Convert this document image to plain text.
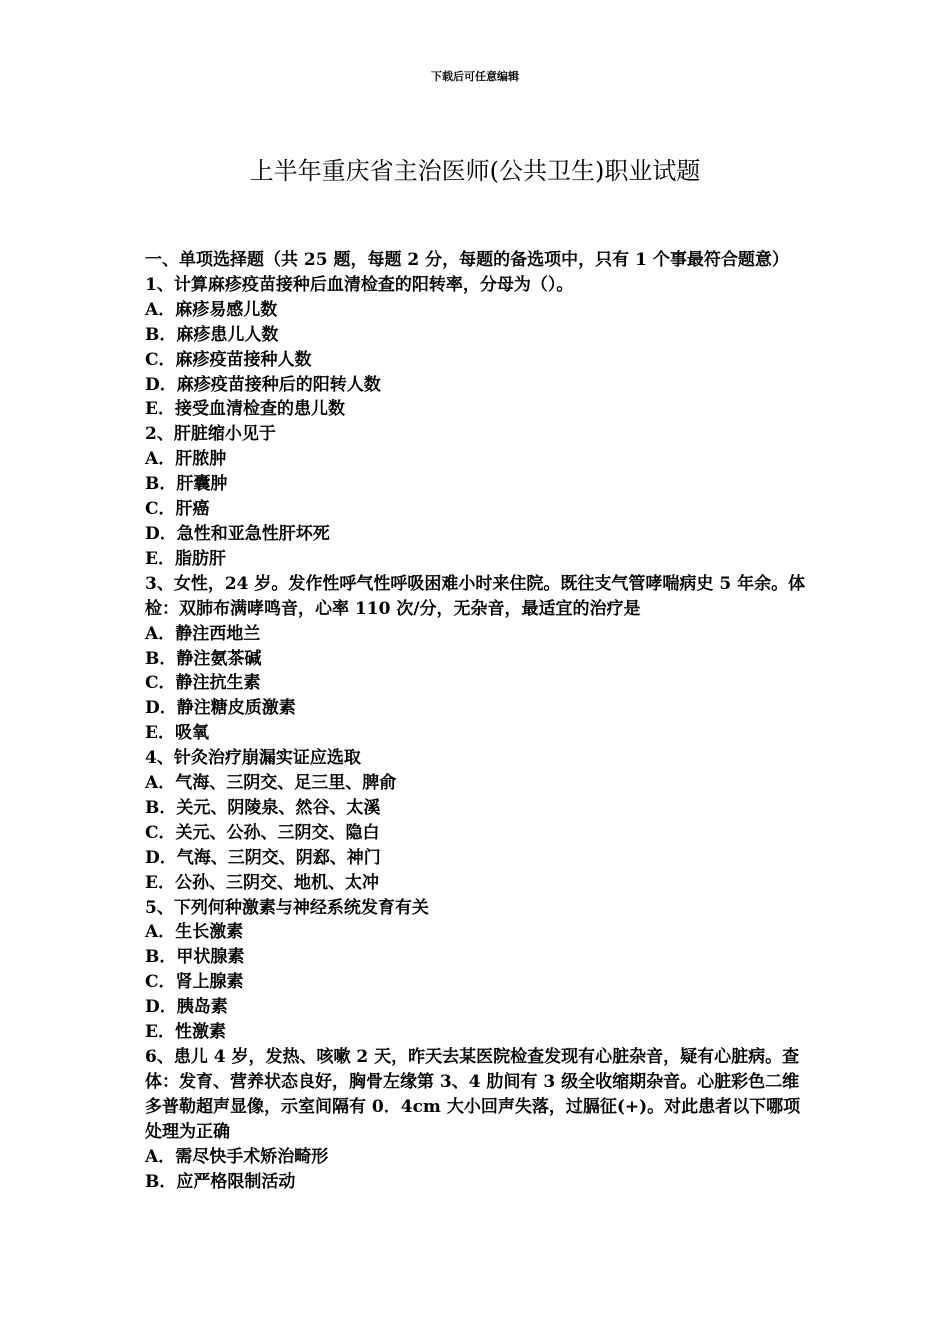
下载后可任意编辑
上半年重庆省主治医师(公共卫生)职业试题
一、单项选择题（共 25 题，每题 2 分，每题的备选项中，只有 1 个事最符合题意）
1、计算麻疹疫苗接种后血清检查的阳转率，分母为（）。
A．麻疹易感儿数
B．麻疹患儿人数
C．麻疹疫苗接种人数
D．麻疹疫苗接种后的阳转人数
E．接受血清检查的患儿数
2、肝脏缩小见于
A．肝脓肿
B．肝囊肿
C．肝癌
D．急性和亚急性肝坏死
E．脂肪肝
3、女性，24 岁。发作性呼气性呼吸困难小时来住院。既往支气管哮喘病史 5 年余。体检：双肺布满哮鸣音，心率 110 次/分，无杂音，最适宜的治疗是
A．静注西地兰
B．静注氨茶碱
C．静注抗生素
D．静注糖皮质激素
E．吸氧
4、针灸治疗崩漏实证应选取
A．气海、三阴交、足三里、脾俞
B．关元、阴陵泉、然谷、太溪
C．关元、公孙、三阴交、隐白
D．气海、三阴交、阴郄、神门
E．公孙、三阴交、地机、太冲
5、下列何种激素与神经系统发育有关
A．生长激素
B．甲状腺素
C．肾上腺素
D．胰岛素
E．性激素
6、患儿 4 岁，发热、咳嗽 2 天，昨天去某医院检查发现有心脏杂音，疑有心脏病。查体：发育、营养状态良好，胸骨左缘第 3、4 肋间有 3 级全收缩期杂音。心脏彩色二维多普勒超声显像，示室间隔有 0．4cm 大小回声失落，过膈征(+)。对此患者以下哪项处理为正确
A．需尽快手术矫治畸形
B．应严格限制活动
